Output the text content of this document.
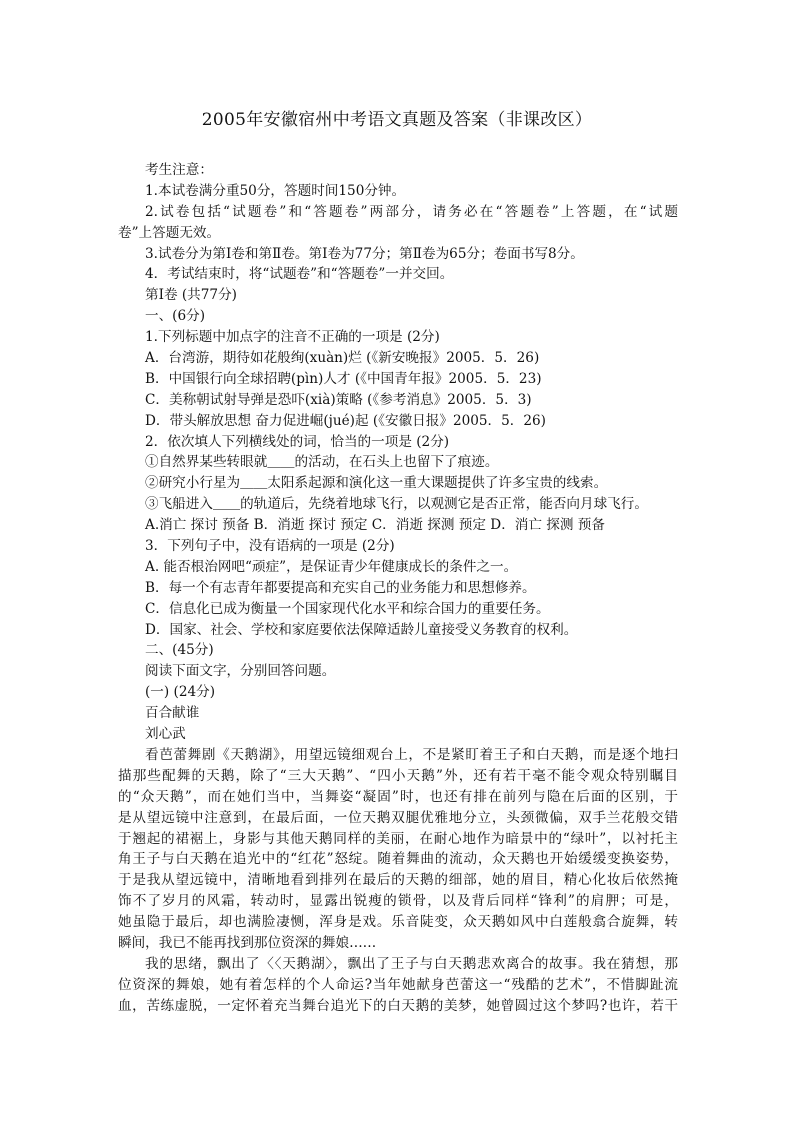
2005年安徽宿州中考语文真题及答案（非课改区）
考生注意：
1.本试卷满分重50分，答题时间150分钟。
2.试卷包括“试题卷”和“答题卷”两部分，请务必在“答题卷”上答题，在“试题
卷”上答题无效。
3.试卷分为第Ⅰ卷和第Ⅱ卷。第Ⅰ卷为77分；第Ⅱ卷为65分；卷面书写8分。
4．考试结束时，将“试题卷”和“答题卷”一并交回。
第Ⅰ卷 (共77分)
一、(6分)
1.下列标题中加点字的注音不正确的一项是 (2分)
A．台湾游，期待如花般绚(xuàn)烂 (《新安晚报》2005．5．26)
B．中国银行向全球招聘(pìn)人才 (《中国青年报》2005．5．23)
C．美称朝试射导弹是恐吓(xià)策略 (《参考消息》2005．5．3)
D．带头解放思想 奋力促进崛(jué)起 (《安徽日报》2005．5．26)
2．依次填人下列横线处的词，恰当的一项是 (2分)
①自然界某些转眼就＿＿的活动，在石头上也留下了痕迹。
②研究小行星为＿＿太阳系起源和演化这一重大课题提供了许多宝贵的线索。
③飞船进入＿＿的轨道后，先绕着地球飞行，以观测它是否正常，能否向月球飞行。
A.消亡 探讨 预备 B．消逝 探讨 预定 C．消逝 探测 预定 D．消亡 探测 预备
3．下列句子中，没有语病的一项是 (2分)
A. 能否根治网吧“顽症”，是保证青少年健康成长的条件之一。
B．每一个有志青年都要提高和充实自己的业务能力和思想修养。
C．信息化已成为衡量一个国家现代化水平和综合国力的重要任务。
D．国家、社会、学校和家庭要依法保障适龄儿童接受义务教育的权利。
二、(45分)
阅读下面文字，分别回答问题。
(一) (24分)
百合献谁
刘心武
看芭蕾舞剧《天鹅湖》，用望远镜细观台上，不是紧盯着王子和白天鹅，而是逐个地扫
描那些配舞的天鹅，除了“三大天鹅”、“四小天鹅”外，还有若干毫不能令观众特别瞩目
的“众天鹅”，而在她们当中，当舞姿“凝固”时，也还有排在前列与隐在后面的区别，于
是从望远镜中注意到，在最后面，一位天鹅双腿优雅地分立，头颈微偏，双手兰花般交错
于翘起的裙裾上，身影与其他天鹅同样的美丽，在耐心地作为暗景中的“绿叶”，以衬托主
角王子与白天鹅在追光中的“红花”怒绽。随着舞曲的流动，众天鹅也开始缓缓变换姿势，
于是我从望远镜中，清晰地看到排列在最后的天鹅的细部，她的眉目，精心化妆后依然掩
饰不了岁月的风霜，转动时，显露出锐瘦的锁骨，以及背后同样“锋利”的肩胛；可是，
她虽隐于最后，却也满脸凄恻，浑身是戏。乐音陡变，众天鹅如风中白莲般翕合旋舞，转
瞬间，我已不能再找到那位资深的舞娘……
我的思绪，飘出了〈〈天鹅湖〉，飘出了王子与白天鹅悲欢离合的故事。我在猜想，那
位资深的舞娘，她有着怎样的个人命运?当年她献身芭蕾这一“残酷的艺术”，不惜脚趾流
血，苦练虚脱，一定怀着充当舞台追光下的白天鹅的美梦，她曾圆过这个梦吗?也许，若干
